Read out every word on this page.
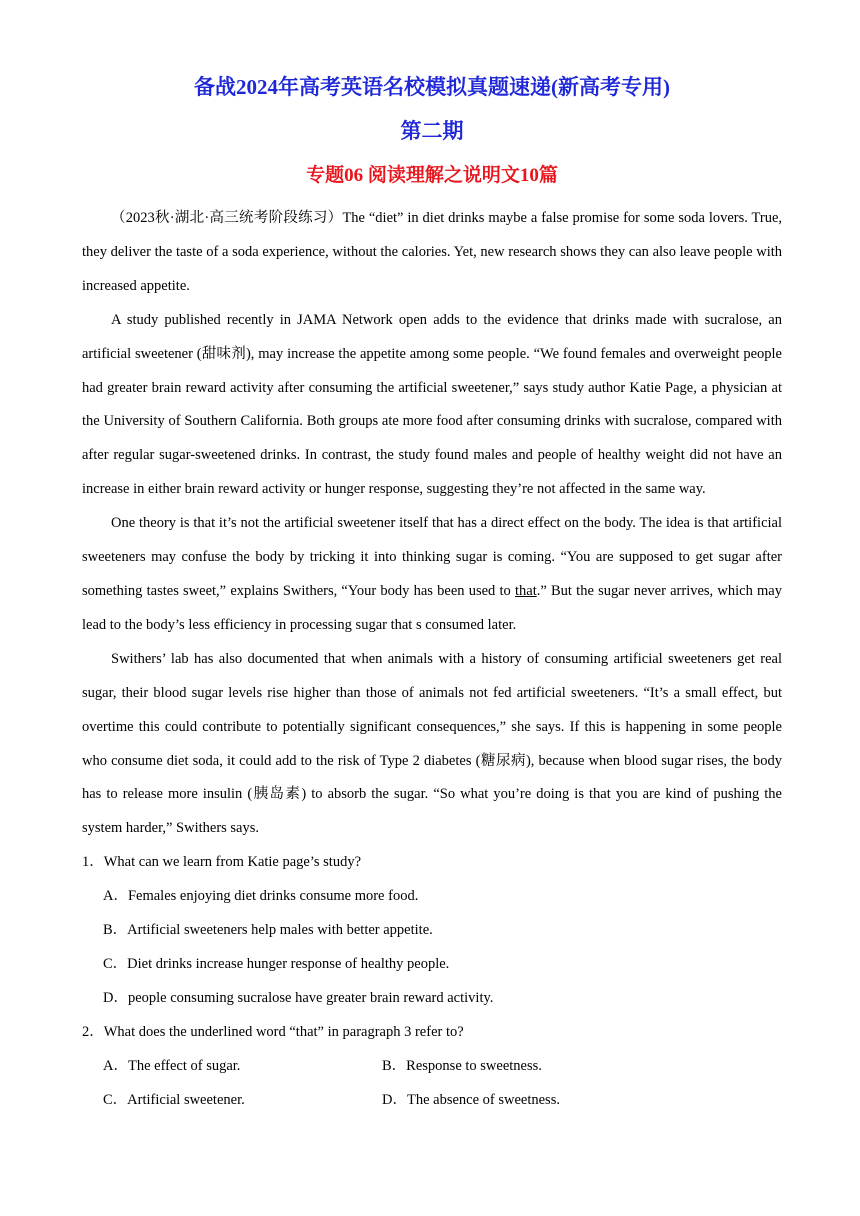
备战2024年高考英语名校模拟真题速递(新高考专用)
第二期
专题06 阅读理解之说明文10篇

（2023秋·湖北·高三统考阶段练习）The “diet” in diet drinks maybe a false promise for some soda lovers. True, they deliver the taste of a soda experience, without the calories. Yet, new research shows they can also leave people with increased appetite.

A study published recently in JAMA Network open adds to the evidence that drinks made with sucralose, an artificial sweetener (甜味剂), may increase the appetite among some people. “We found females and overweight people had greater brain reward activity after consuming the artificial sweetener,” says study author Katie Page, a physician at the University of Southern California. Both groups ate more food after consuming drinks with sucralose, compared with after regular sugar-sweetened drinks. In contrast, the study found males and people of healthy weight did not have an increase in either brain reward activity or hunger response, suggesting they’re not affected in the same way.

One theory is that it’s not the artificial sweetener itself that has a direct effect on the body. The idea is that artificial sweeteners may confuse the body by tricking it into thinking sugar is coming. “You are supposed to get sugar after something tastes sweet,” explains Swithers, “Your body has been used to that.” But the sugar never arrives, which may lead to the body’s less efficiency in processing sugar that s consumed later.

Swithers’ lab has also documented that when animals with a history of consuming artificial sweeteners get real sugar, their blood sugar levels rise higher than those of animals not fed artificial sweeteners. “It’s a small effect, but overtime this could contribute to potentially significant consequences,” she says. If this is happening in some people who consume diet soda, it could add to the risk of Type 2 diabetes (糖尿病), because when blood sugar rises, the body has to release more insulin (胰岛素) to absorb the sugar. “So what you’re doing is that you are kind of pushing the system harder,” Swithers says.

1．What can we learn from Katie page’s study?

A．Females enjoying diet drinks consume more food.

B．Artificial sweeteners help males with better appetite.

C．Diet drinks increase hunger response of healthy people.

D．people consuming sucralose have greater brain reward activity.

2．What does the underlined word “that” in paragraph 3 refer to?

A．The effect of sugar.	B．Response to sweetness.
C．Artificial sweetener.	D．The absence of sweetness.
